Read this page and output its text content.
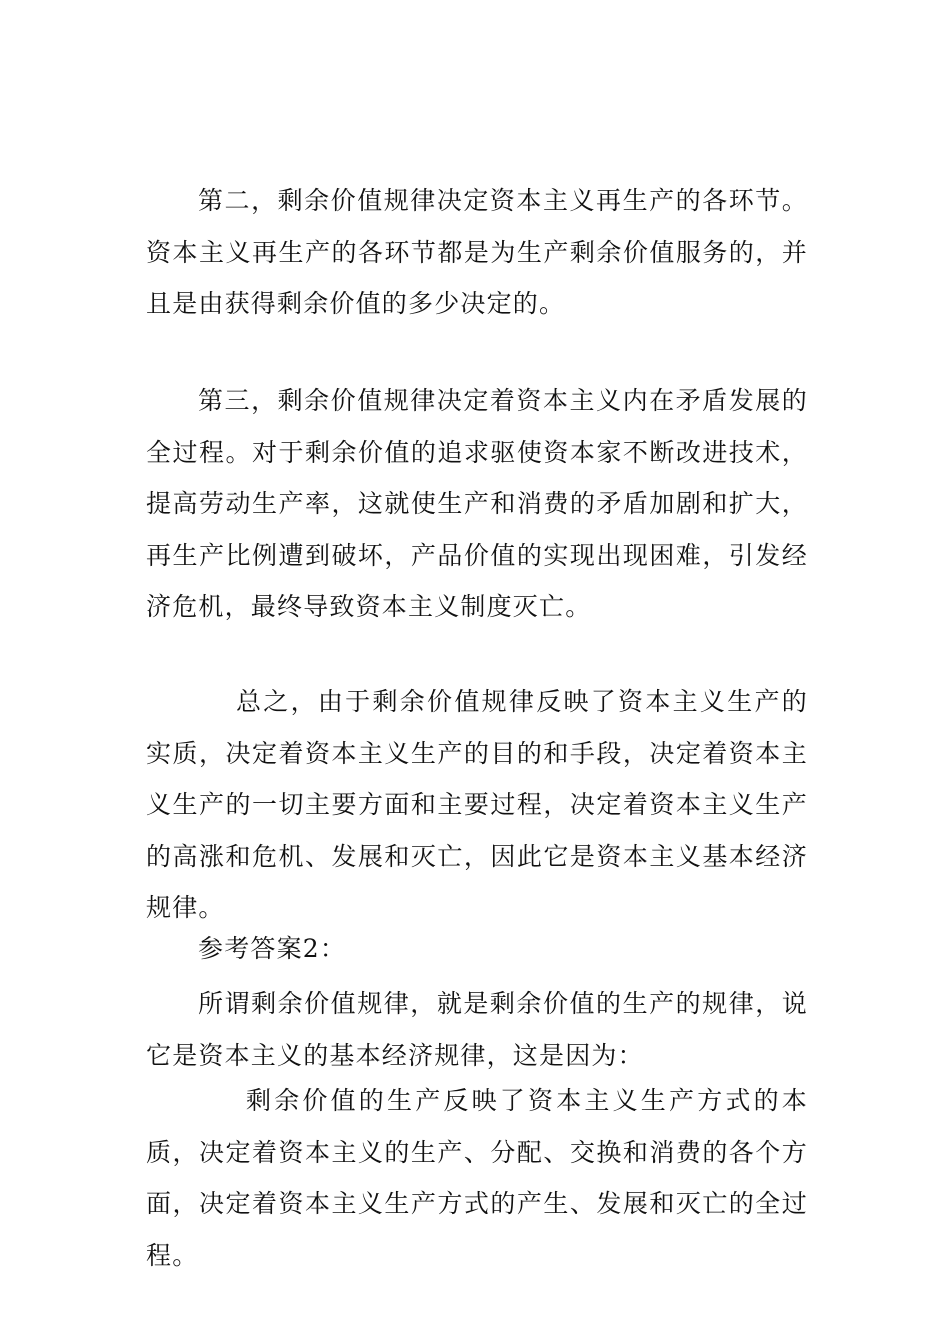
第二，剩余价值规律决定资本主义再生产的各环节。资本主义再生产的各环节都是为生产剩余价值服务的，并且是由获得剩余价值的多少决定的。

第三，剩余价值规律决定着资本主义内在矛盾发展的全过程。对于剩余价值的追求驱使资本家不断改进技术，提高劳动生产率，这就使生产和消费的矛盾加剧和扩大，再生产比例遭到破坏，产品价值的实现出现困难，引发经济危机，最终导致资本主义制度灭亡。

总之，由于剩余价值规律反映了资本主义生产的实质，决定着资本主义生产的目的和手段，决定着资本主义生产的一切主要方面和主要过程，决定着资本主义生产的高涨和危机、发展和灭亡，因此它是资本主义基本经济规律。

参考答案2：

所谓剩余价值规律，就是剩余价值的生产的规律，说它是资本主义的基本经济规律，这是因为：

剩余价值的生产反映了资本主义生产方式的本质，决定着资本主义的生产、分配、交换和消费的各个方面，决定着资本主义生产方式的产生、发展和灭亡的全过程。
